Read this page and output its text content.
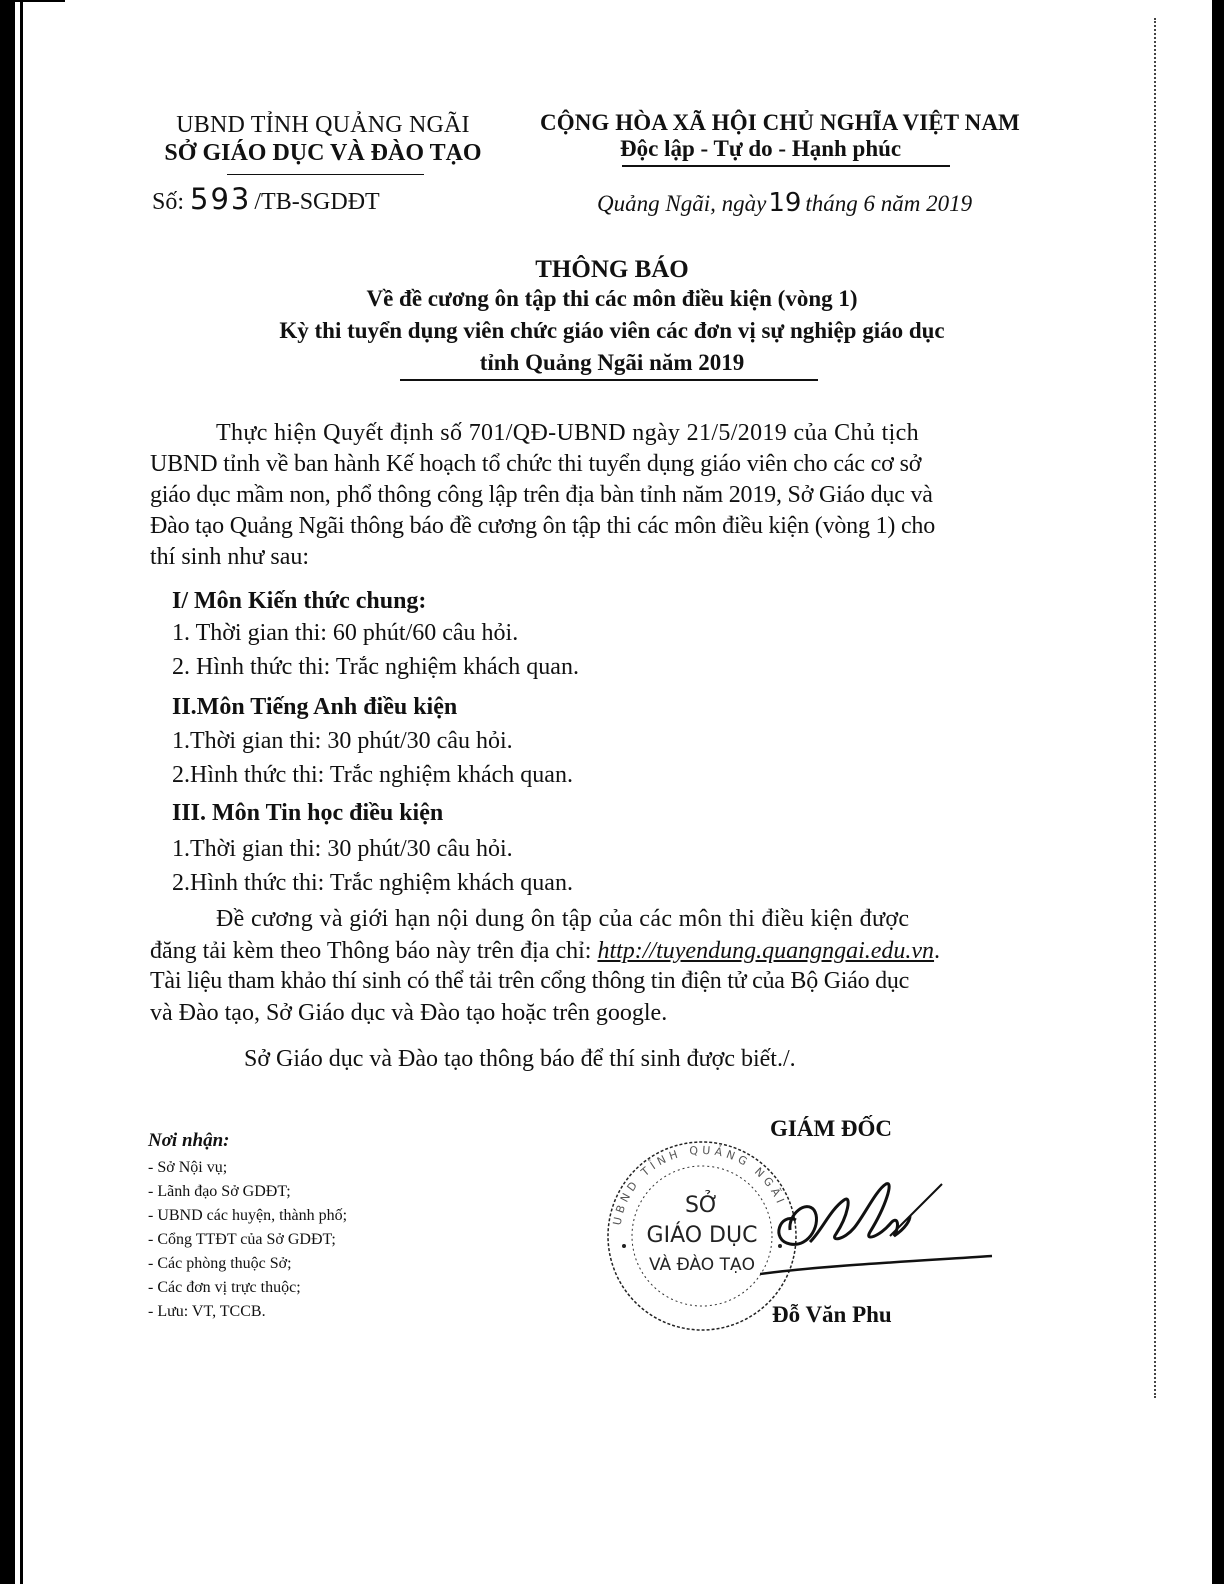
UBND TỈNH QUẢNG NGÃI
SỞ GIÁO DỤC VÀ ĐÀO TẠO
Số: 593 /TB-SGDĐT
CỘNG HÒA XÃ HỘI CHỦ NGHĨA VIỆT NAM
Độc lập - Tự do - Hạnh phúc
Quảng Ngãi, ngày19 tháng 6 năm 2019
THÔNG BÁO
Về đề cương ôn tập thi các môn điều kiện (vòng 1)
Kỳ thi tuyển dụng viên chức giáo viên các đơn vị sự nghiệp giáo dục
tỉnh Quảng Ngãi năm 2019
Thực hiện Quyết định số 701/QĐ-UBND ngày 21/5/2019 của Chủ tịch
UBND tỉnh về ban hành Kế hoạch tổ chức thi tuyển dụng giáo viên cho các cơ sở
giáo dục mầm non, phổ thông công lập trên địa bàn tỉnh năm 2019, Sở Giáo dục và
Đào tạo Quảng Ngãi thông báo đề cương ôn tập thi các môn điều kiện (vòng 1) cho
thí sinh như sau:
I/ Môn Kiến thức chung:
1. Thời gian thi: 60 phút/60 câu hỏi.
2. Hình thức thi: Trắc nghiệm khách quan.
II.Môn Tiếng Anh điều kiện
1.Thời gian thi: 30 phút/30 câu hỏi.
2.Hình thức thi: Trắc nghiệm khách quan.
III. Môn Tin học điều kiện
1.Thời gian thi: 30 phút/30 câu hỏi.
2.Hình thức thi: Trắc nghiệm khách quan.
Đề cương và giới hạn nội dung ôn tập của các môn thi điều kiện được
đăng tải kèm theo Thông báo này trên địa chỉ: http://tuyendung.quangngai.edu.vn.
Tài liệu tham khảo thí sinh có thể tải trên cổng thông tin điện tử của Bộ Giáo dục
và Đào tạo, Sở Giáo dục và Đào tạo hoặc trên google.
Sở Giáo dục và Đào tạo thông báo để thí sinh được biết./.
Nơi nhận:
- Sở Nội vụ;
- Lãnh đạo Sở GDĐT;
- UBND các huyện, thành phố;
- Cổng TTĐT của Sở GDĐT;
- Các phòng thuộc Sở;
- Các đơn vị trực thuộc;
- Lưu: VT, TCCB.
GIÁM ĐỐC
UBND TỈNH QUẢNG NGÃI
SỞ
GIÁO DỤC
VÀ ĐÀO TẠO
Đỗ Văn Phu
